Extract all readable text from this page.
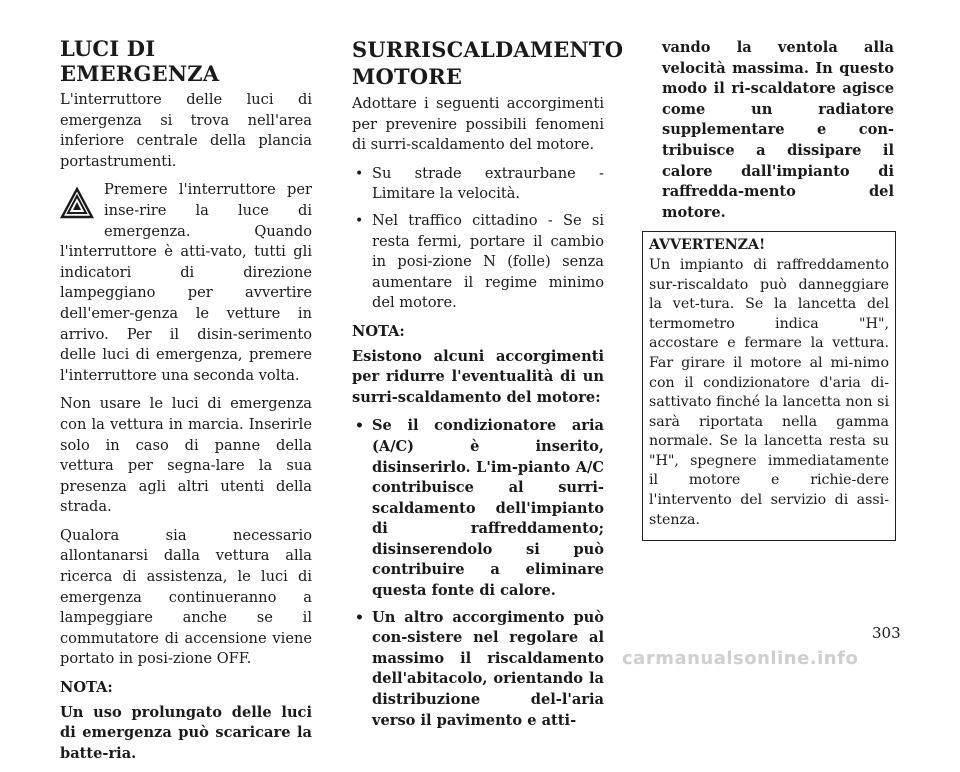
LUCI DI EMERGENZA

L'interruttore delle luci di emergenza si trova nell'area inferiore centrale della plancia portastrumenti.

Premere l'interruttore per inse-rire la luce di emergenza. Quando l'interruttore è atti-vato, tutti gli indicatori di direzione lampeggiano per avvertire dell'emer-genza le vetture in arrivo. Per il disin-serimento delle luci di emergenza, premere l'interruttore una seconda volta.

Non usare le luci di emergenza con la vettura in marcia. Inserirle solo in caso di panne della vettura per segna-lare la sua presenza agli altri utenti della strada.

Qualora sia necessario allontanarsi dalla vettura alla ricerca di assistenza, le luci di emergenza continueranno a lampeggiare anche se il commutatore di accensione viene portato in posi-zione OFF.

NOTA:

Un uso prolungato delle luci di emergenza può scaricare la batte-ria.

SURRISCALDAMENTO MOTORE

Adottare i seguenti accorgimenti per prevenire possibili fenomeni di surri-scaldamento del motore.

• Su strade extraurbane - Limitare la velocità.
• Nel traffico cittadino - Se si resta fermi, portare il cambio in posi-zione N (folle) senza aumentare il regime minimo del motore.

NOTA:

Esistono alcuni accorgimenti per ridurre l'eventualità di un surri-scaldamento del motore:

• Se il condizionatore aria (A/C) è inserito, disinserirlo. L'im-pianto A/C contribuisce al surri-scaldamento dell'impianto di raffreddamento; disinserendolo si può contribuire a eliminare questa fonte di calore.
• Un altro accorgimento può con-sistere nel regolare al massimo il riscaldamento dell'abitacolo, orientando la distribuzione del-l'aria verso il pavimento e atti-
vando la ventola alla velocità massima. In questo modo il ri-scaldatore agisce come un radiatore supplementare e con-tribuisce a dissipare il calore dall'impianto di raffredda-mento del motore.
AVVERTENZA!
Un impianto di raffreddamento sur-riscaldato può danneggiare la vet-tura. Se la lancetta del termometro indica "H", accostare e fermare la vettura. Far girare il motore al mi-nimo con il condizionatore d'aria di-sattivato finché la lancetta non si sarà riportata nella gamma normale. Se la lancetta resta su "H", spegnere immediatamente il motore e richie-dere l'intervento del servizio di assi-stenza.
303
carmanualsonline.info
